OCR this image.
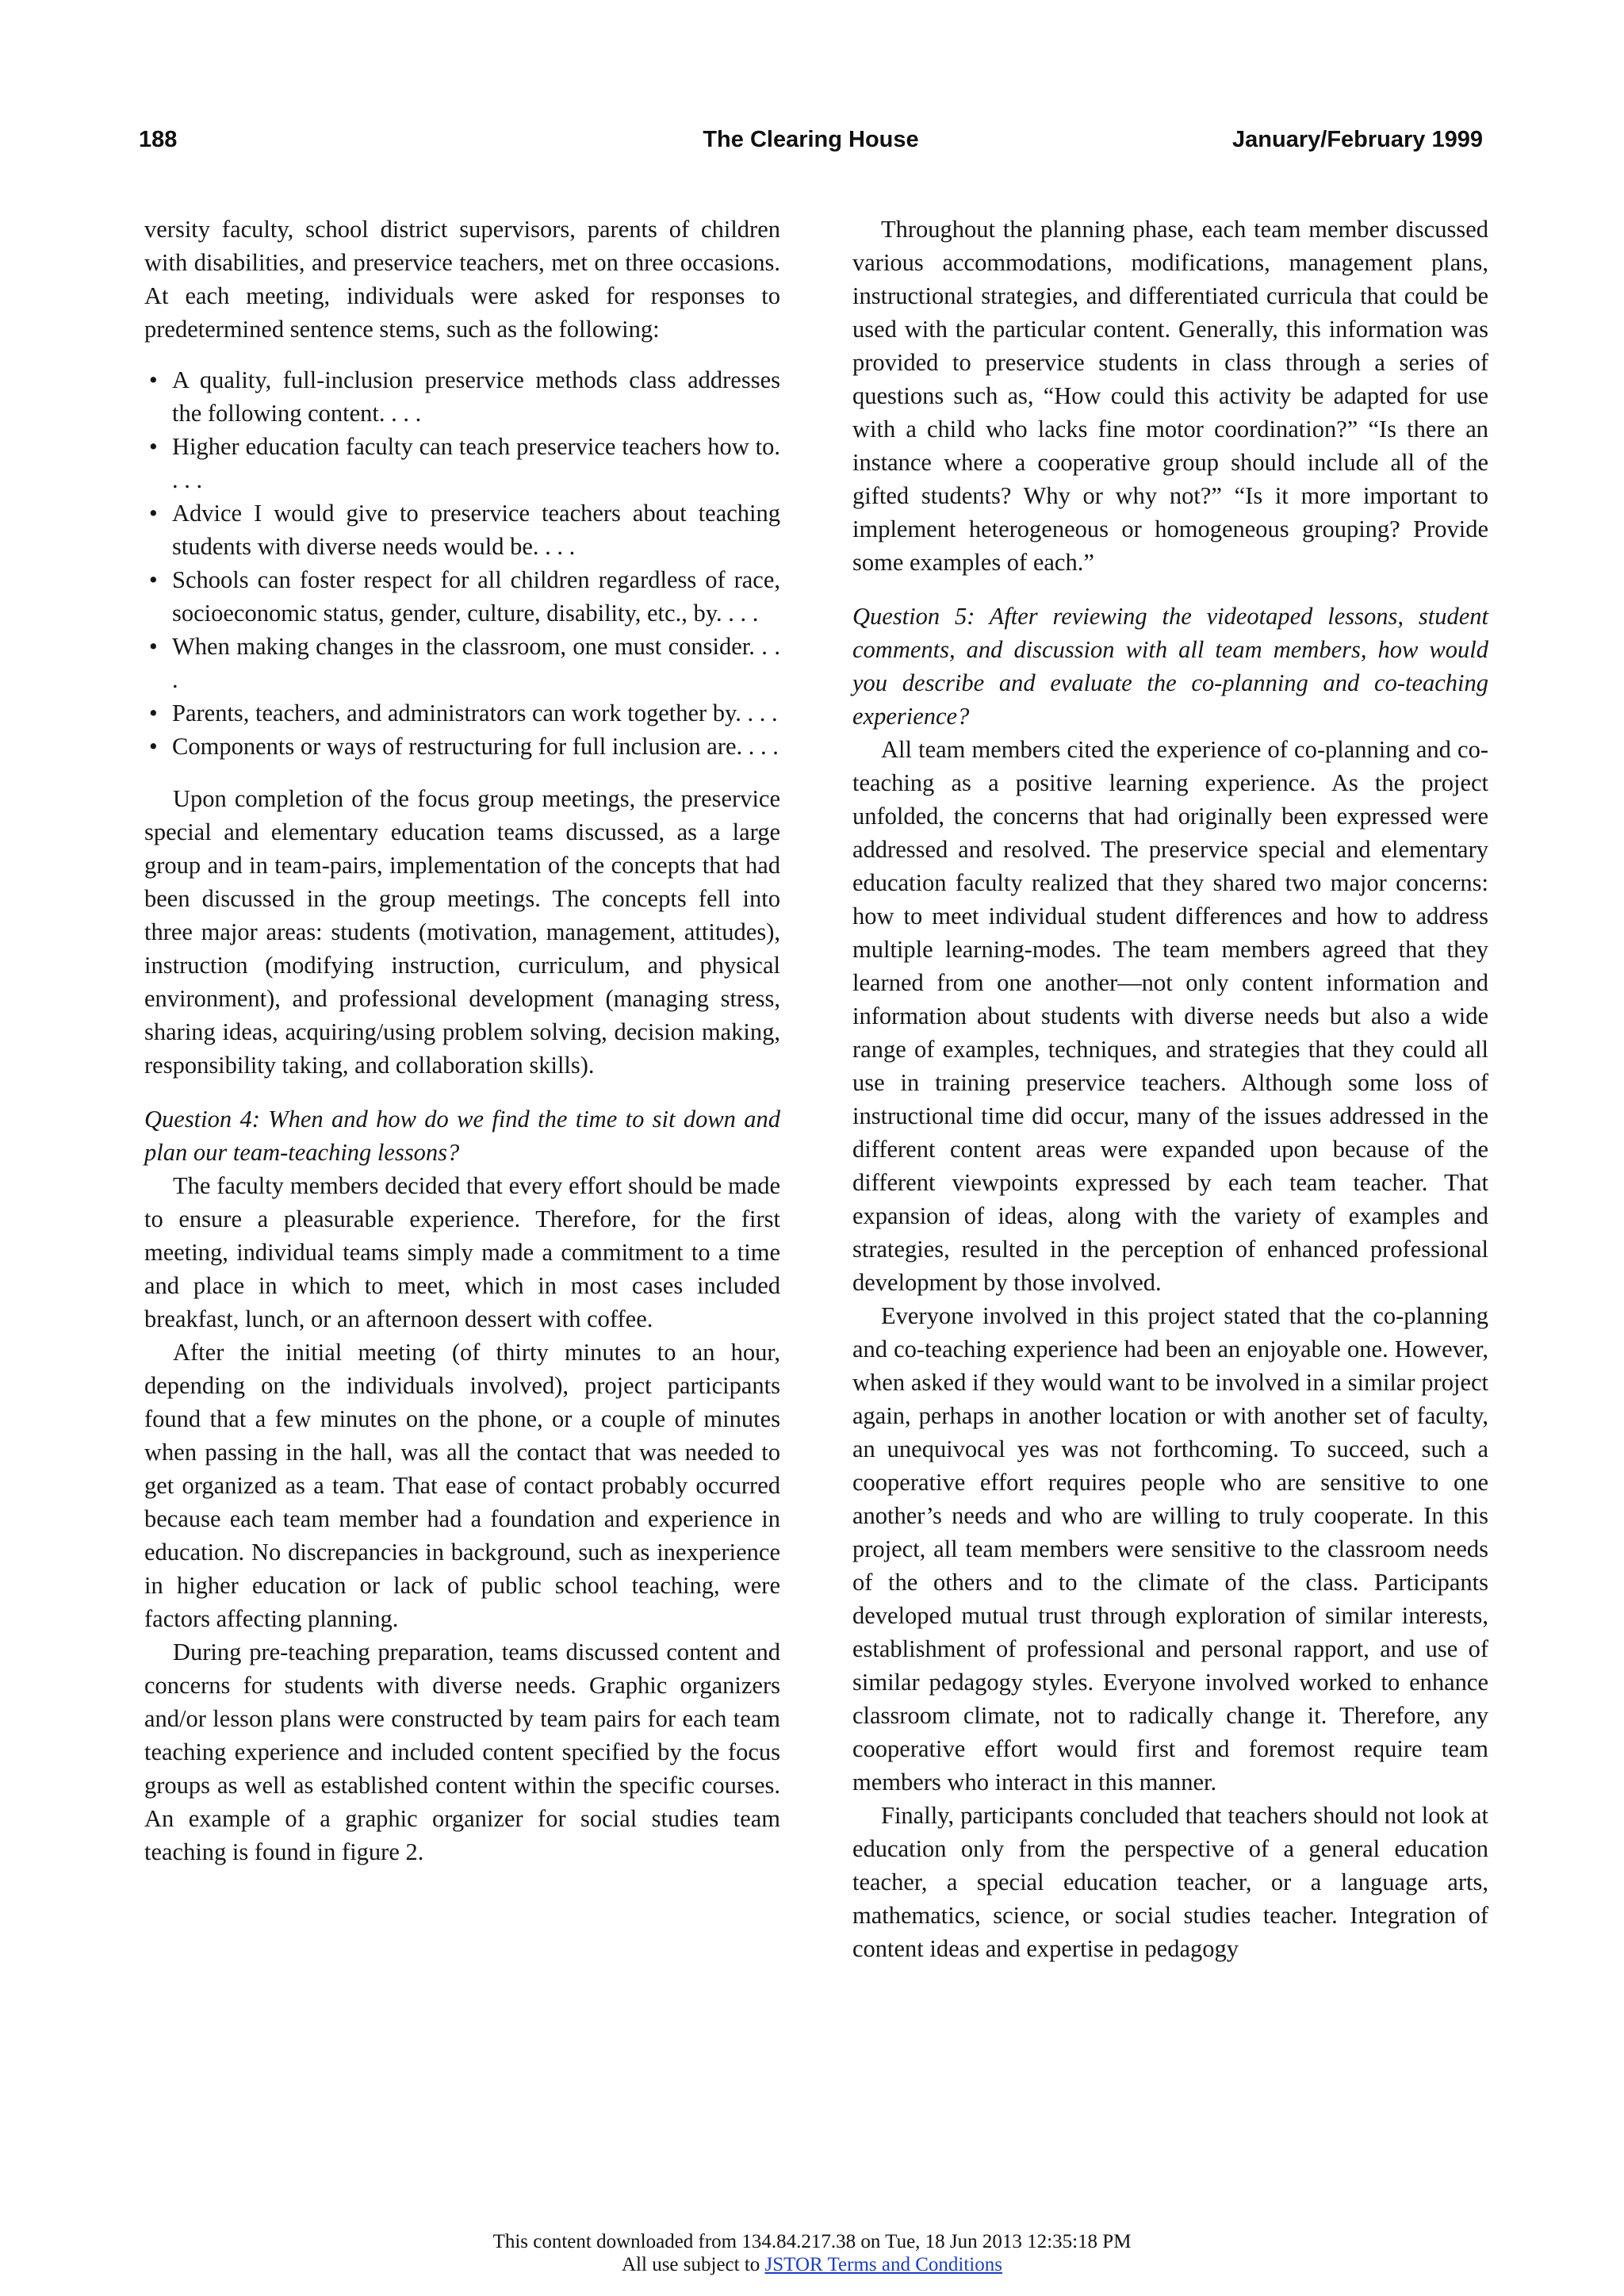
188	The Clearing House	January/February 1999

versity faculty, school district supervisors, parents of children with disabilities, and preservice teachers, met on three occasions. At each meeting, individuals were asked for responses to predetermined sentence stems, such as the following:

• A quality, full-inclusion preservice methods class addresses the following content. . . .
• Higher education faculty can teach preservice teachers how to. . . .
• Advice I would give to preservice teachers about teaching students with diverse needs would be. . . .
• Schools can foster respect for all children regardless of race, socioeconomic status, gender, culture, disability, etc., by. . . .
• When making changes in the classroom, one must consider. . . .
• Parents, teachers, and administrators can work together by. . . .
• Components or ways of restructuring for full inclusion are. . . .

Upon completion of the focus group meetings, the preservice special and elementary education teams discussed, as a large group and in team-pairs, implementation of the concepts that had been discussed in the group meetings. The concepts fell into three major areas: students (motivation, management, attitudes), instruction (modifying instruction, curriculum, and physical environment), and professional development (managing stress, sharing ideas, acquiring/using problem solving, decision making, responsibility taking, and collaboration skills).

Question 4: When and how do we find the time to sit down and plan our team-teaching lessons?

The faculty members decided that every effort should be made to ensure a pleasurable experience. Therefore, for the first meeting, individual teams simply made a commitment to a time and place in which to meet, which in most cases included breakfast, lunch, or an afternoon dessert with coffee.

After the initial meeting (of thirty minutes to an hour, depending on the individuals involved), project participants found that a few minutes on the phone, or a couple of minutes when passing in the hall, was all the contact that was needed to get organized as a team. That ease of contact probably occurred because each team member had a foundation and experience in education. No discrepancies in background, such as inexperience in higher education or lack of public school teaching, were factors affecting planning.

During pre-teaching preparation, teams discussed content and concerns for students with diverse needs. Graphic organizers and/or lesson plans were constructed by team pairs for each team teaching experience and included content specified by the focus groups as well as established content within the specific courses. An example of a graphic organizer for social studies team teaching is found in figure 2.

Throughout the planning phase, each team member discussed various accommodations, modifications, management plans, instructional strategies, and differentiated curricula that could be used with the particular content. Generally, this information was provided to preservice students in class through a series of questions such as, “How could this activity be adapted for use with a child who lacks fine motor coordination?” “Is there an instance where a cooperative group should include all of the gifted students? Why or why not?” “Is it more important to implement heterogeneous or homogeneous grouping? Provide some examples of each.”

Question 5: After reviewing the videotaped lessons, student comments, and discussion with all team members, how would you describe and evaluate the co-planning and co-teaching experience?

All team members cited the experience of co-planning and co-teaching as a positive learning experience. As the project unfolded, the concerns that had originally been expressed were addressed and resolved. The preservice special and elementary education faculty realized that they shared two major concerns: how to meet individual student differences and how to address multiple learning-modes. The team members agreed that they learned from one another—not only content information and information about students with diverse needs but also a wide range of examples, techniques, and strategies that they could all use in training preservice teachers. Although some loss of instructional time did occur, many of the issues addressed in the different content areas were expanded upon because of the different viewpoints expressed by each team teacher. That expansion of ideas, along with the variety of examples and strategies, resulted in the perception of enhanced professional development by those involved.

Everyone involved in this project stated that the co-planning and co-teaching experience had been an enjoyable one. However, when asked if they would want to be involved in a similar project again, perhaps in another location or with another set of faculty, an unequivocal yes was not forthcoming. To succeed, such a cooperative effort requires people who are sensitive to one another’s needs and who are willing to truly cooperate. In this project, all team members were sensitive to the classroom needs of the others and to the climate of the class. Participants developed mutual trust through exploration of similar interests, establishment of professional and personal rapport, and use of similar pedagogy styles. Everyone involved worked to enhance classroom climate, not to radically change it. Therefore, any cooperative effort would first and foremost require team members who interact in this manner.

Finally, participants concluded that teachers should not look at education only from the perspective of a general education teacher, a special education teacher, or a language arts, mathematics, science, or social studies teacher. Integration of content ideas and expertise in pedagogy

This content downloaded from 134.84.217.38 on Tue, 18 Jun 2013 12:35:18 PM
All use subject to JSTOR Terms and Conditions
